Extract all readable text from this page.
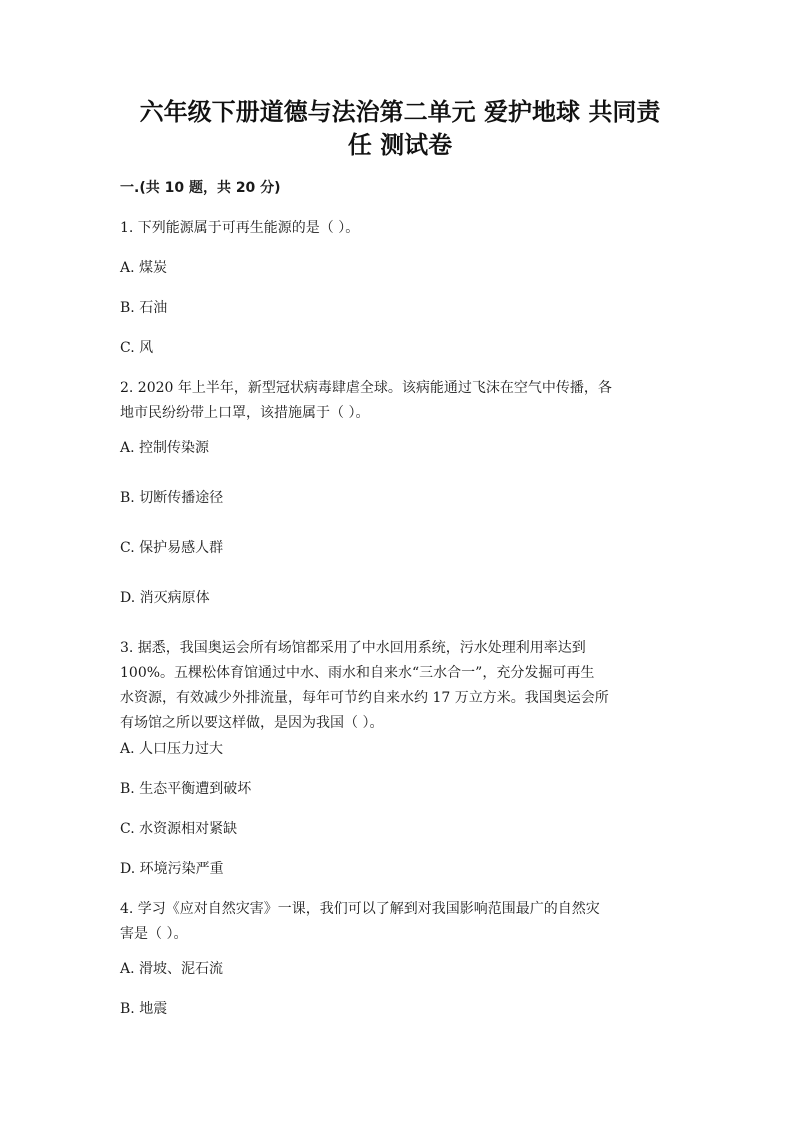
六年级下册道德与法治第二单元 爱护地球 共同责
任 测试卷
一.(共 10 题，共 20 分)
1. 下列能源属于可再生能源的是（ ）。
A. 煤炭
B. 石油
C. 风
2. 2020 年上半年，新型冠状病毒肆虐全球。该病能通过飞沫在空气中传播，各
地市民纷纷带上口罩，该措施属于（ ）。
A. 控制传染源
B. 切断传播途径
C. 保护易感人群
D. 消灭病原体
3. 据悉，我国奥运会所有场馆都采用了中水回用系统，污水处理利用率达到
100%。五棵松体育馆通过中水、雨水和自来水“三水合一”，充分发掘可再生
水资源，有效减少外排流量，每年可节约自来水约 17 万立方米。我国奥运会所
有场馆之所以要这样做，是因为我国（ ）。
A. 人口压力过大
B. 生态平衡遭到破坏
C. 水资源相对紧缺
D. 环境污染严重
4. 学习《应对自然灾害》一课，我们可以了解到对我国影响范围最广的自然灾
害是（ ）。
A. 滑坡、泥石流
B. 地震
